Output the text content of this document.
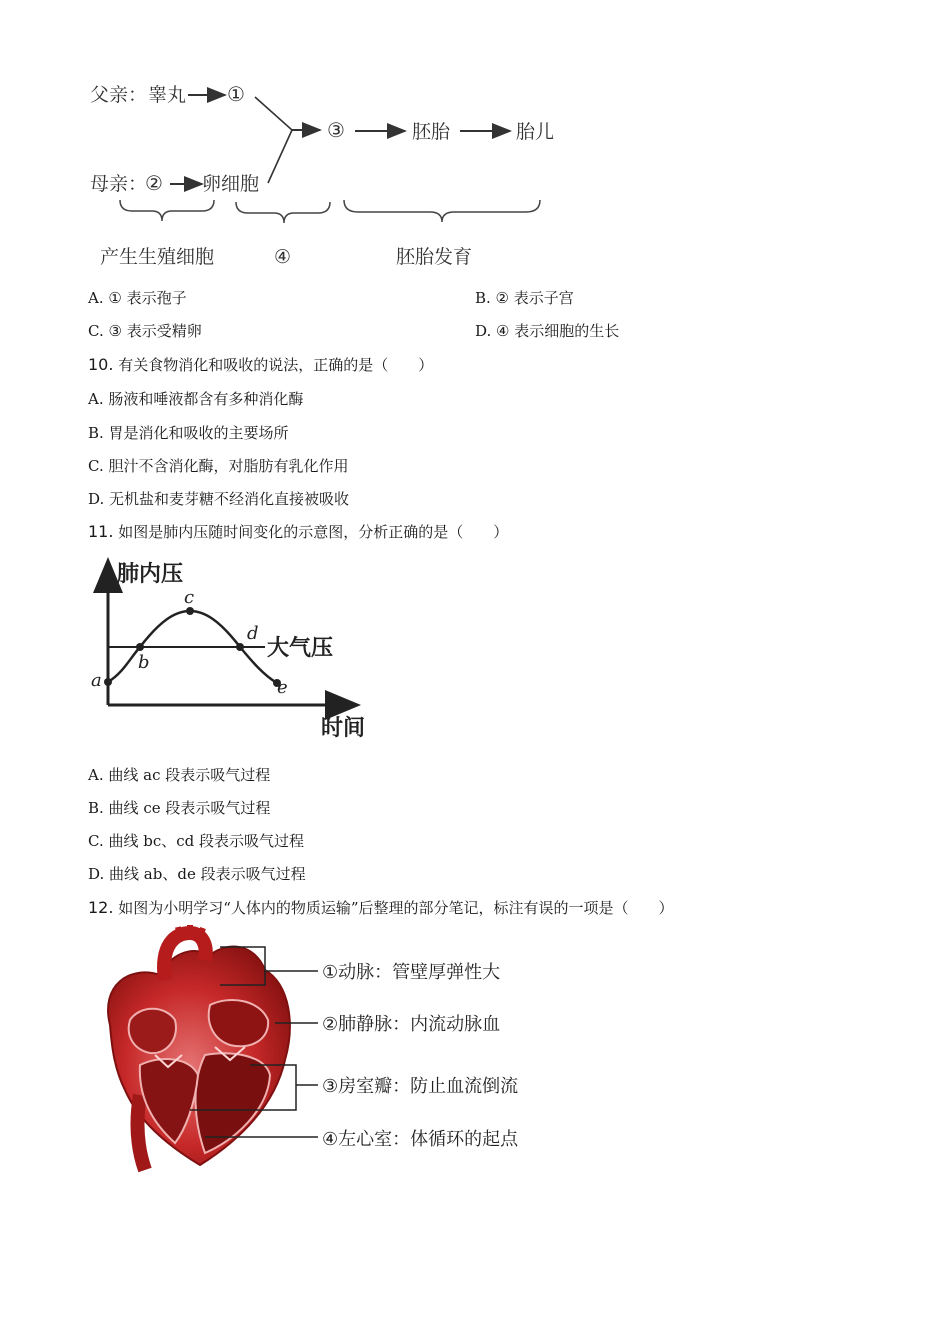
父亲： 睾丸 ①
母亲：
② 卵细胞
③	胚胎	胎儿
产生生殖细胞	④	胚胎发育
A. ① 表示孢子	B. ② 表示子宫
C. ③ 表示受精卵	D. ④ 表示细胞的生长
10. 有关食物消化和吸收的说法，正确的是（　　）
A. 肠液和唾液都含有多种消化酶
B. 胃是消化和吸收的主要场所
C. 胆汁不含消化酶，对脂肪有乳化作用
D. 无机盐和麦芽糖不经消化直接被吸收
11. 如图是肺内压随时间变化的示意图，分析正确的是（　　）
肺内压
时间
大气压
a
b
c
d
e
A. 曲线 ac 段表示吸气过程
B. 曲线 ce 段表示吸气过程
C. 曲线 bc、cd 段表示吸气过程
D. 曲线 ab、de 段表示吸气过程
12. 如图为小明学习“人体内的物质运输”后整理的部分笔记，标注有误的一项是（　　）
①动脉：管壁厚弹性大
②肺静脉：内流动脉血
③房室瓣：防止血流倒流
④左心室：体循环的起点
